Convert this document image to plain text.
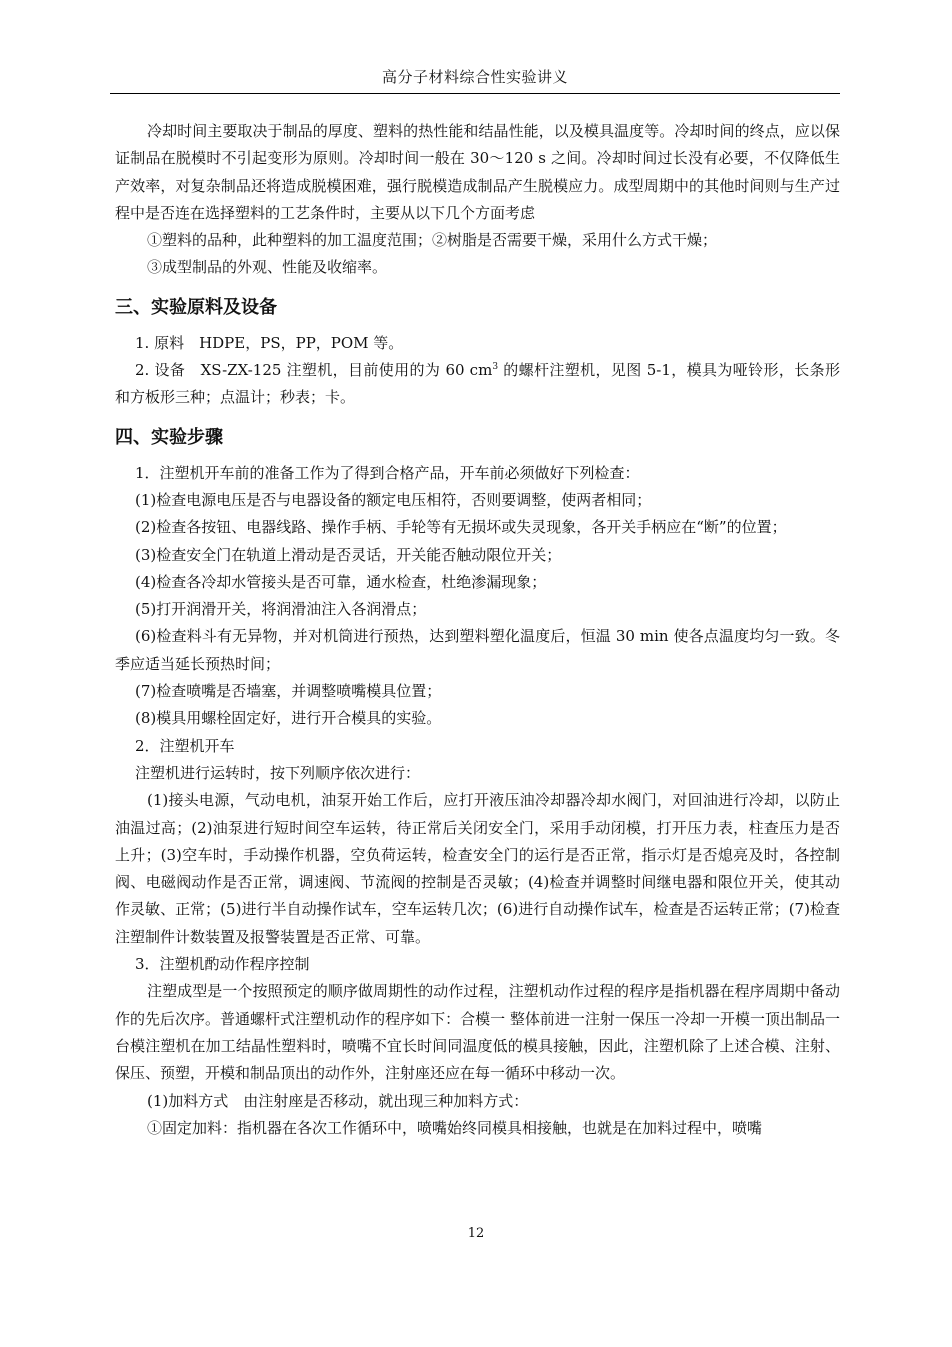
高分子材料综合性实验讲义

冷却时间主要取决于制品的厚度、塑料的热性能和结晶性能，以及模具温度等。冷却时间的终点，应以保证制品在脱模时不引起变形为原则。冷却时间一般在 30～120 s 之间。冷却时间过长没有必要，不仅降低生产效率，对复杂制品还将造成脱模困难，强行脱模造成制品产生脱模应力。成型周期中的其他时间则与生产过程中是否连在选择塑料的工艺条件时，主要从以下几个方面考虑

①塑料的品种，此种塑料的加工温度范围；②树脂是否需要干燥，采用什么方式干燥；

③成型制品的外观、性能及收缩率。

三、实验原料及设备

1. 原料　HDPE，PS，PP，POM 等。

2. 设备　XS-ZX-125 注塑机，目前使用的为 60 $cm^3$ 的螺杆注塑机，见图 5-1，模具为哑铃形，长条形和方板形三种；点温计；秒表；卡。

四、实验步骤

1．注塑机开车前的准备工作为了得到合格产品，开车前必须做好下列检查：

(1)检查电源电压是否与电器设备的额定电压相符，否则要调整，使两者相同；

(2)检查各按钮、电器线路、操作手柄、手轮等有无损坏或失灵现象，各开关手柄应在“断”的位置；

(3)检查安全门在轨道上滑动是否灵话，开关能否触动限位开关；

(4)检查各冷却水管接头是否可靠，通水检查，杜绝渗漏现象；

(5)打开润滑开关，将润滑油注入各润滑点；

(6)检查料斗有无异物，并对机筒进行预热，达到塑料塑化温度后，恒温 30 min 使各点温度均匀一致。冬季应适当延长预热时间；

(7)检查喷嘴是否墙塞，并调整喷嘴模具位置；

(8)模具用螺栓固定好，进行开合模具的实验。

2．注塑机开车

注塑机进行运转时，按下列顺序依次进行：

(1)接头电源，气动电机，油泵开始工作后，应打开液压油冷却器冷却水阀门，对回油进行冷却，以防止油温过高；(2)油泵进行短时间空车运转，待正常后关闭安全门，采用手动闭模，打开压力表，柱查压力是否上升；(3)空车时，手动操作机器，空负荷运转，检查安全门的运行是否正常，指示灯是否熄亮及时，各控制阀、电磁阀动作是否正常，调速阀、节流阀的控制是否灵敏；(4)检查并调整时间继电器和限位开关，使其动作灵敏、正常；(5)进行半自动操作试车，空车运转几次；(6)进行自动操作试车，检查是否运转正常；(7)检查注塑制件计数装置及报警装置是否正常、可靠。

3．注塑机酌动作程序控制

注塑成型是一个按照预定的顺序做周期性的动作过程，注塑机动作过程的程序是指机器在程序周期中备动作的先后次序。普通螺杆式注塑机动作的程序如下：合模一 整体前进一注射一保压一冷却一开模一顶出制品一台模注塑机在加工结晶性塑料时，喷嘴不宜长时间同温度低的模具接触，因此，注塑机除了上述合模、注射、保压、预塑，开模和制品顶出的动作外，注射座还应在每一循环中移动一次。

(1)加料方式　由注射座是否移动，就出现三种加料方式：

①固定加料：指机器在各次工作循环中，喷嘴始终同模具相接触，也就是在加料过程中，喷嘴

12
